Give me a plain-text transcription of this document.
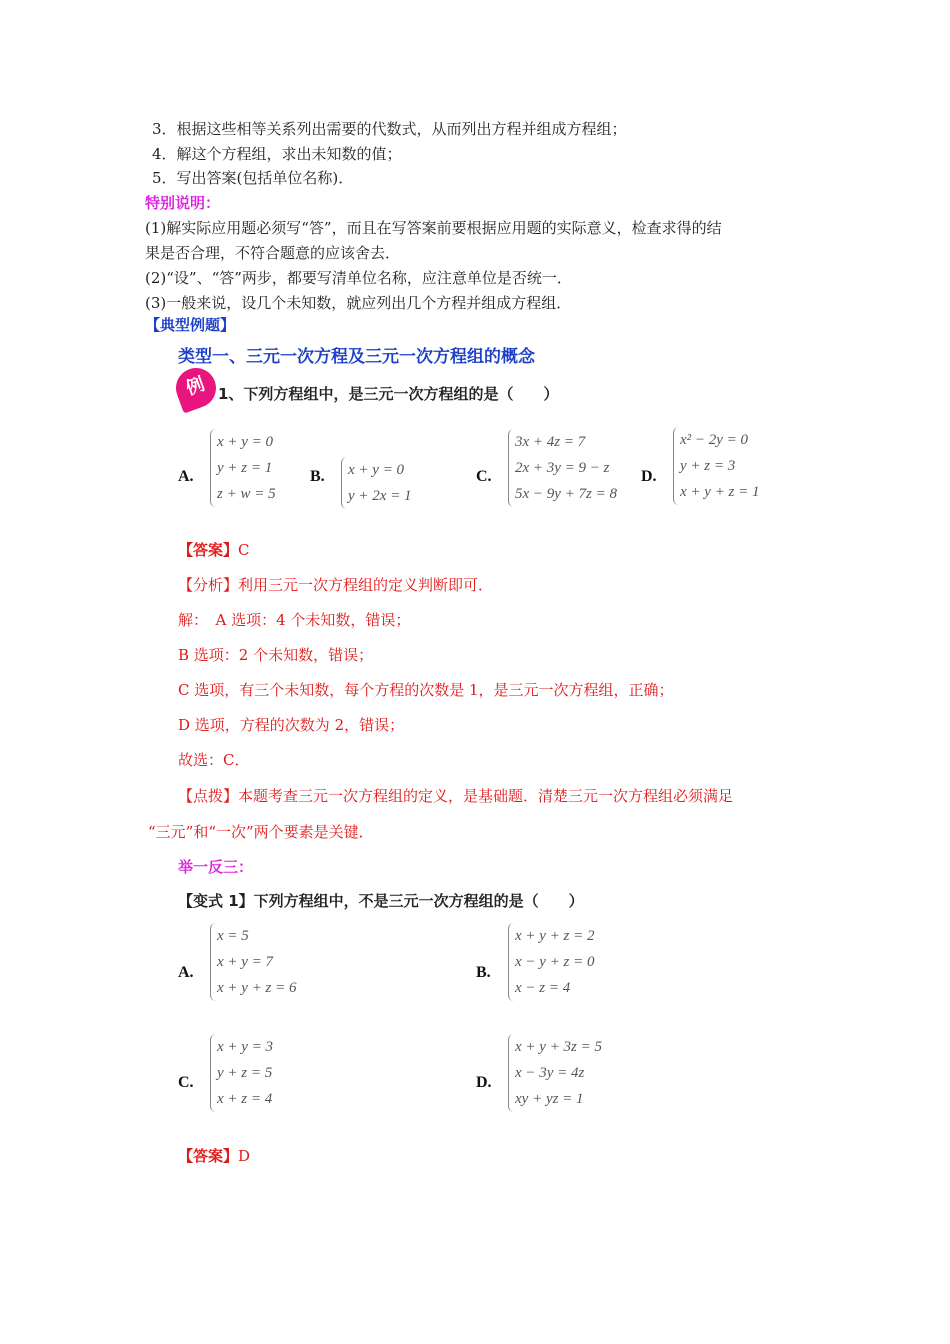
3．根据这些相等关系列出需要的代数式，从而列出方程并组成方程组；
4．解这个方程组，求出未知数的值；
5．写出答案(包括单位名称)．
特别说明：
(1)解实际应用题必须写“答”，而且在写答案前要根据应用题的实际意义，检查求得的结
果是否合理，不符合题意的应该舍去．
(2)“设”、“答”两步，都要写清单位名称，应注意单位是否统一．
(3)一般来说，设几个未知数，就应列出几个方程并组成方程组．
【典型例题】
类型一、三元一次方程及三元一次方程组的概念
例 1、下列方程组中，是三元一次方程组的是（　　）
A.
x + y = 0
y + z = 1
z + w = 5
B. x + y = 0
y + 2x = 1
C.
3x + 4z = 7
2x + 3y = 9 − z
5x − 9y + 7z = 8
D.
x² − 2y = 0
y + z = 3
x + y + z = 1
【答案】C
【分析】利用三元一次方程组的定义判断即可．
解：　A 选项：4 个未知数，错误；
B 选项：2 个未知数，错误；
C 选项，有三个未知数，每个方程的次数是 1，是三元一次方程组，正确；
D 选项，方程的次数为 2，错误；
故选：C．
【点拨】本题考查三元一次方程组的定义，是基础题．清楚三元一次方程组必须满足
“三元”和“一次”两个要素是关键．
举一反三：
【变式 1】下列方程组中，不是三元一次方程组的是（　　）
A.
x = 5
x + y = 7
x + y + z = 6
B.
x + y + z = 2
x − y + z = 0
x − z = 4
C.
x + y = 3
y + z = 5
x + z = 4
D.
x + y + 3z = 5
x − 3y = 4z
xy + yz = 1
【答案】D
